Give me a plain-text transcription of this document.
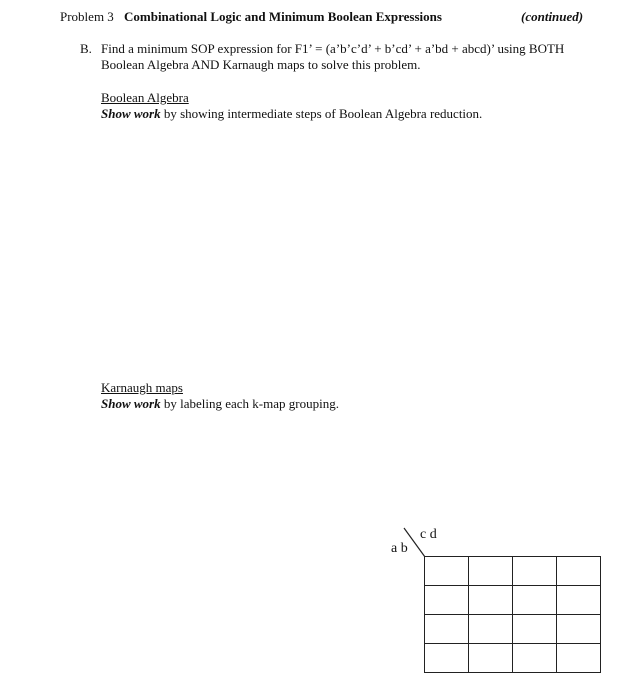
Problem 3 Combinational Logic and Minimum Boolean Expressions	(continued)
B. Find a minimum SOP expression for F1’ = (a’b’c’d’ + b’cd’ + a’bd + abcd)’ using BOTH
Boolean Algebra AND Karnaugh maps to solve this problem.
Boolean Algebra
Show work by showing intermediate steps of Boolean Algebra reduction.
Karnaugh maps
Show work by labeling each k-map grouping.
c d
a b
